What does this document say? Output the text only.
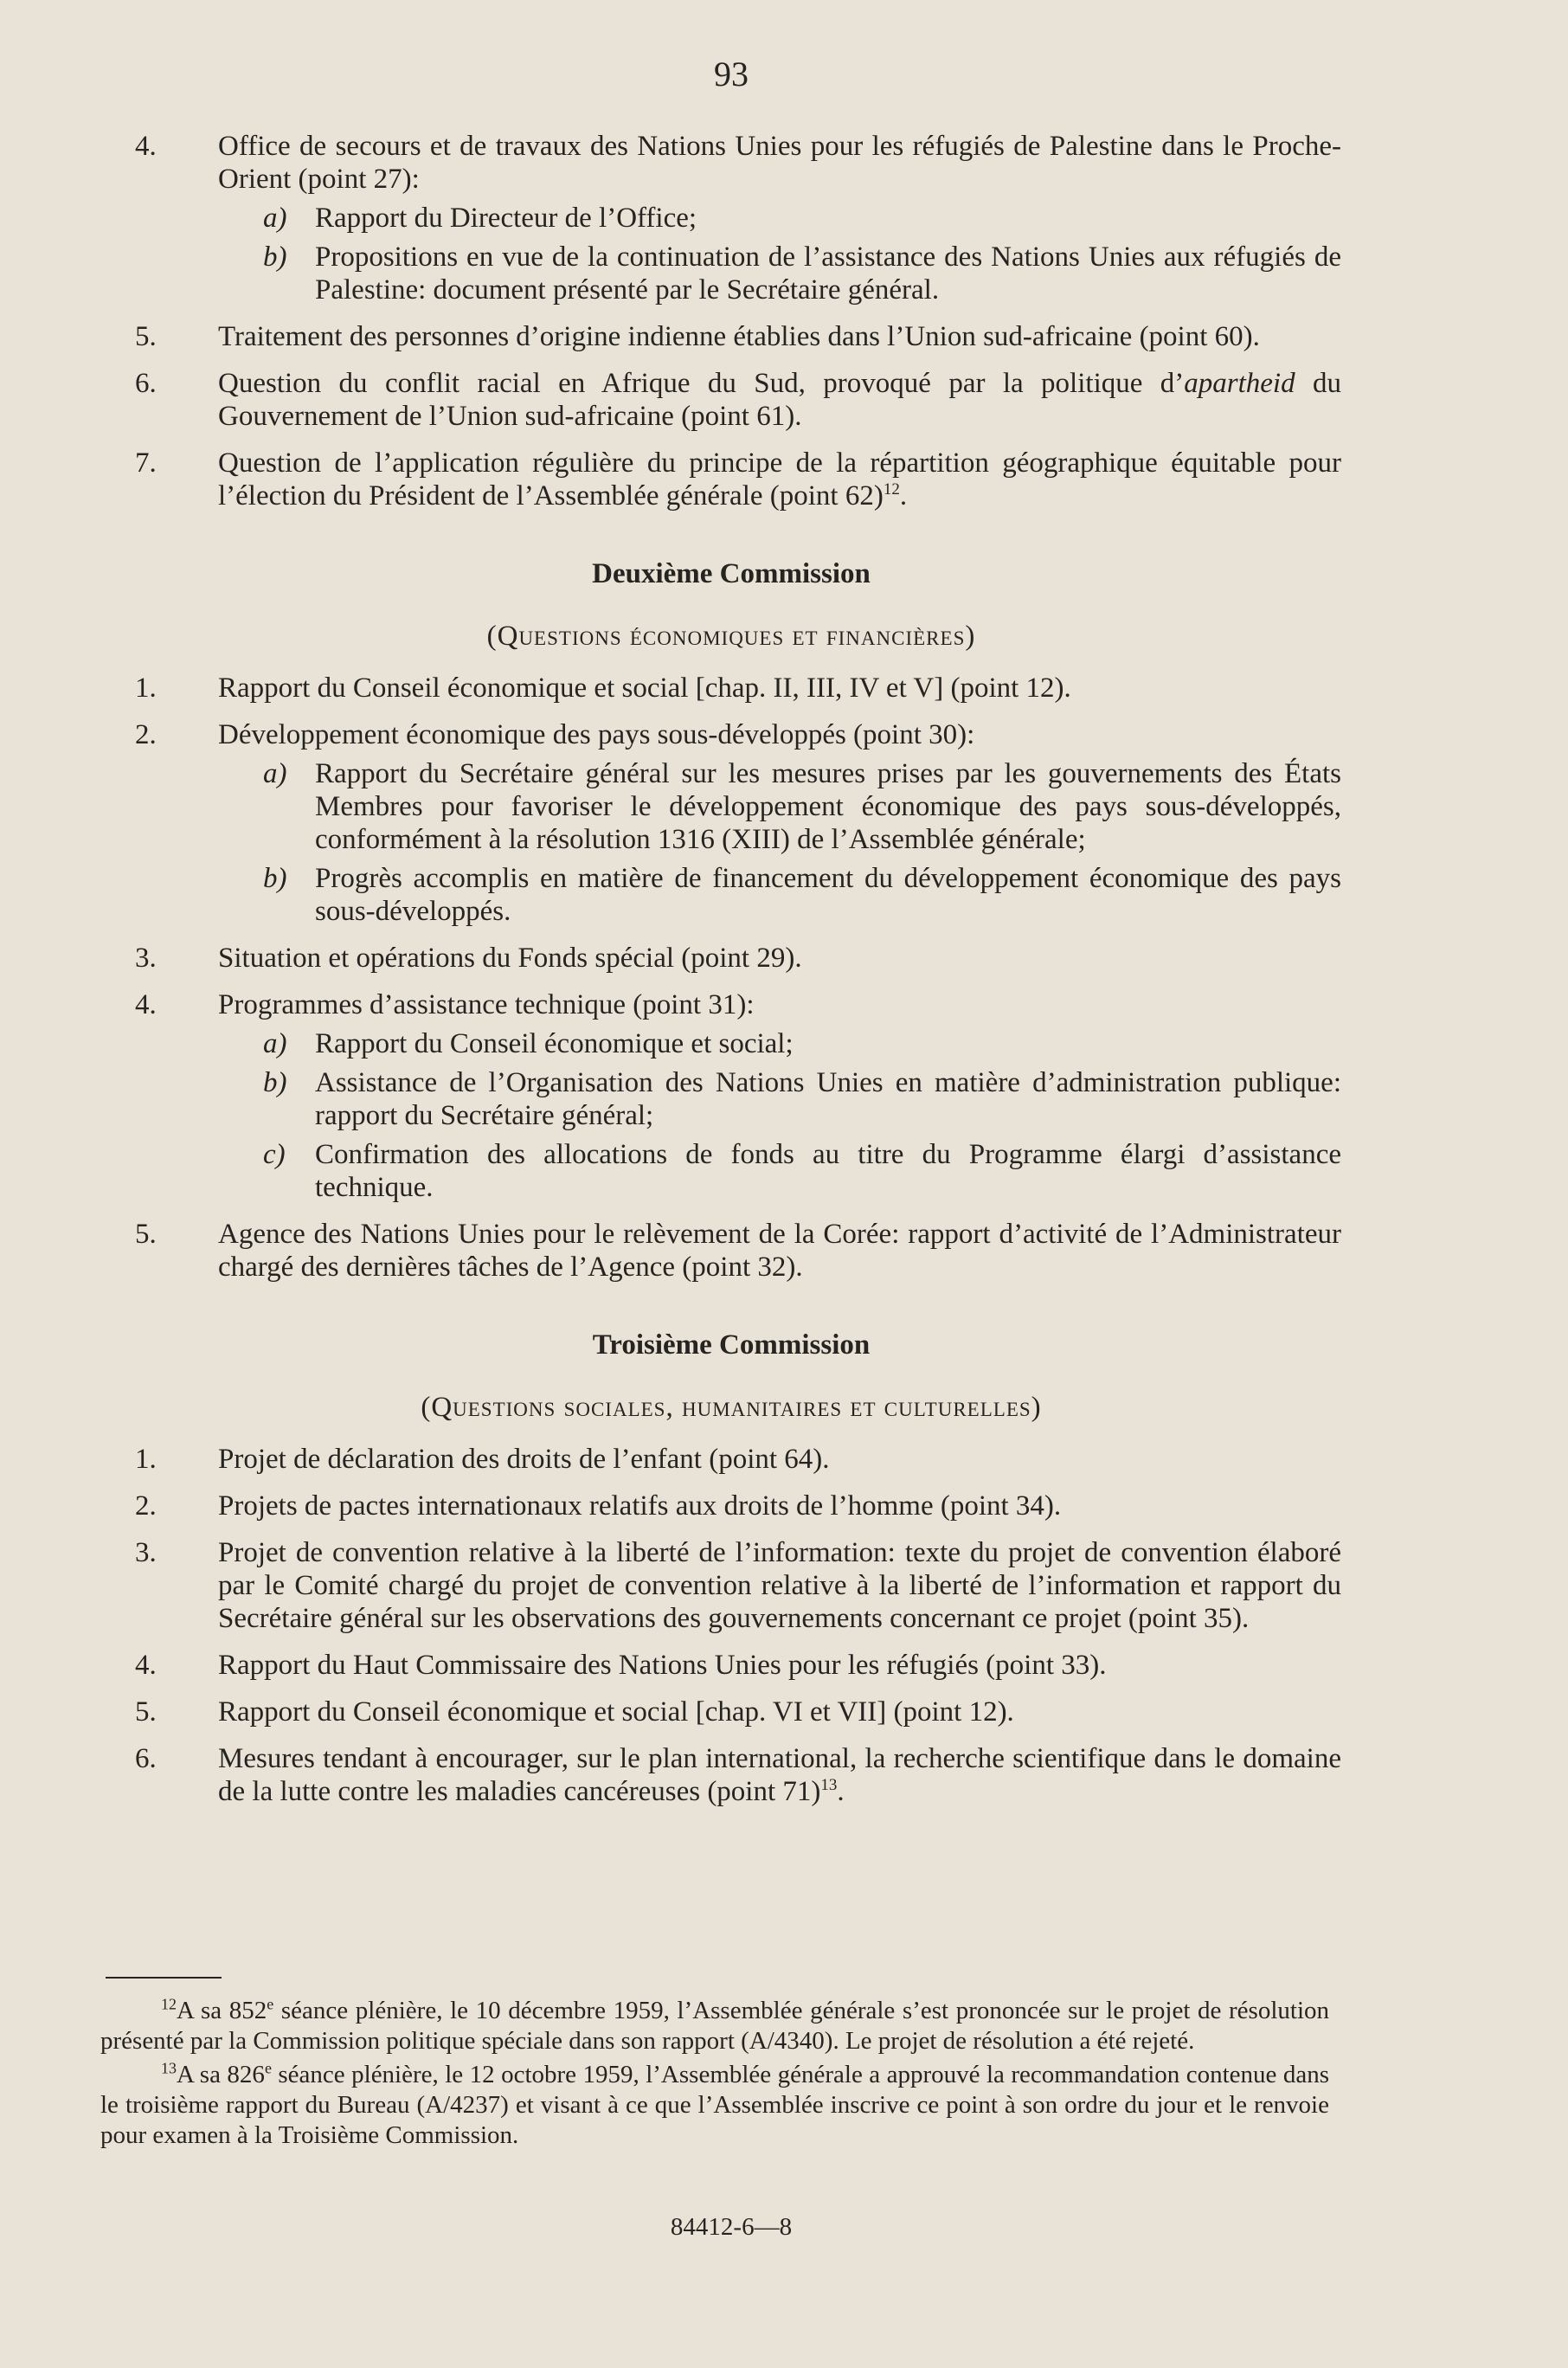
93
4. Office de secours et de travaux des Nations Unies pour les réfugiés de Palestine dans le Proche-Orient (point 27):
a) Rapport du Directeur de l’Office;
b) Propositions en vue de la continuation de l’assistance des Nations Unies aux réfugiés de Palestine: document présenté par le Secrétaire général.
5. Traitement des personnes d’origine indienne établies dans l’Union sud-africaine (point 60).
6. Question du conflit racial en Afrique du Sud, provoqué par la politique d’apartheid du Gouvernement de l’Union sud-africaine (point 61).
7. Question de l’application régulière du principe de la répartition géographique équitable pour l’élection du Président de l’Assemblée générale (point 62)$^{12}$.
Deuxième Commission
(Questions économiques et financières)
1. Rapport du Conseil économique et social [chap. II, III, IV et V] (point 12).
2. Développement économique des pays sous-développés (point 30):
a) Rapport du Secrétaire général sur les mesures prises par les gouvernements des États Membres pour favoriser le développement économique des pays sous-développés, conformément à la résolution 1316 (XIII) de l’Assemblée générale;
b) Progrès accomplis en matière de financement du développement économique des pays sous-développés.
3. Situation et opérations du Fonds spécial (point 29).
4. Programmes d’assistance technique (point 31):
a) Rapport du Conseil économique et social;
b) Assistance de l’Organisation des Nations Unies en matière d’administration publique: rapport du Secrétaire général;
c) Confirmation des allocations de fonds au titre du Programme élargi d’assistance technique.
5. Agence des Nations Unies pour le relèvement de la Corée: rapport d’activité de l’Administrateur chargé des dernières tâches de l’Agence (point 32).
Troisième Commission
(Questions sociales, humanitaires et culturelles)
1. Projet de déclaration des droits de l’enfant (point 64).
2. Projets de pactes internationaux relatifs aux droits de l’homme (point 34).
3. Projet de convention relative à la liberté de l’information: texte du projet de convention élaboré par le Comité chargé du projet de convention relative à la liberté de l’information et rapport du Secrétaire général sur les observations des gouvernements concernant ce projet (point 35).
4. Rapport du Haut Commissaire des Nations Unies pour les réfugiés (point 33).
5. Rapport du Conseil économique et social [chap. VI et VII] (point 12).
6. Mesures tendant à encourager, sur le plan international, la recherche scientifique dans le domaine de la lutte contre les maladies cancéreuses (point 71)$^{13}$.
$^{12}$A sa 852e séance plénière, le 10 décembre 1959, l’Assemblée générale s’est prononcée sur le projet de résolution présenté par la Commission politique spéciale dans son rapport (A/4340). Le projet de résolution a été rejeté.
$^{13}$A sa 826e séance plénière, le 12 octobre 1959, l’Assemblée générale a approuvé la recommandation contenue dans le troisième rapport du Bureau (A/4237) et visant à ce que l’Assemblée inscrive ce point à son ordre du jour et le renvoie pour examen à la Troisième Commission.
84412-6—8
